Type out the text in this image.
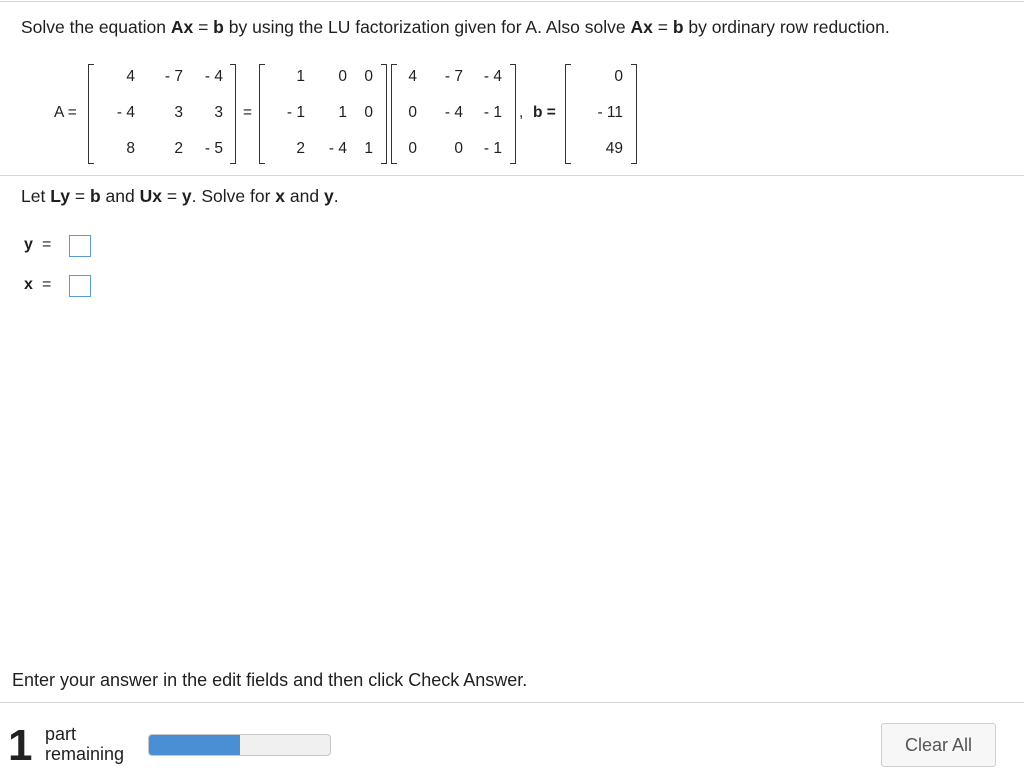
Solve the equation Ax = b by using the LU factorization given for A. Also solve Ax = b by ordinary row reduction.
A =
4	- 7	- 4
- 4	3	3
8	2	- 5
=
1	0	0
- 1	1	0
2	- 4	1
4	- 7	- 4
0	- 4	- 1
0	0	- 1
, b =
0
- 11
49
Let Ly = b and Ux = y. Solve for x and y.
y =
x =
Enter your answer in the edit fields and then click Check Answer.
1 part
remaining	Clear All
